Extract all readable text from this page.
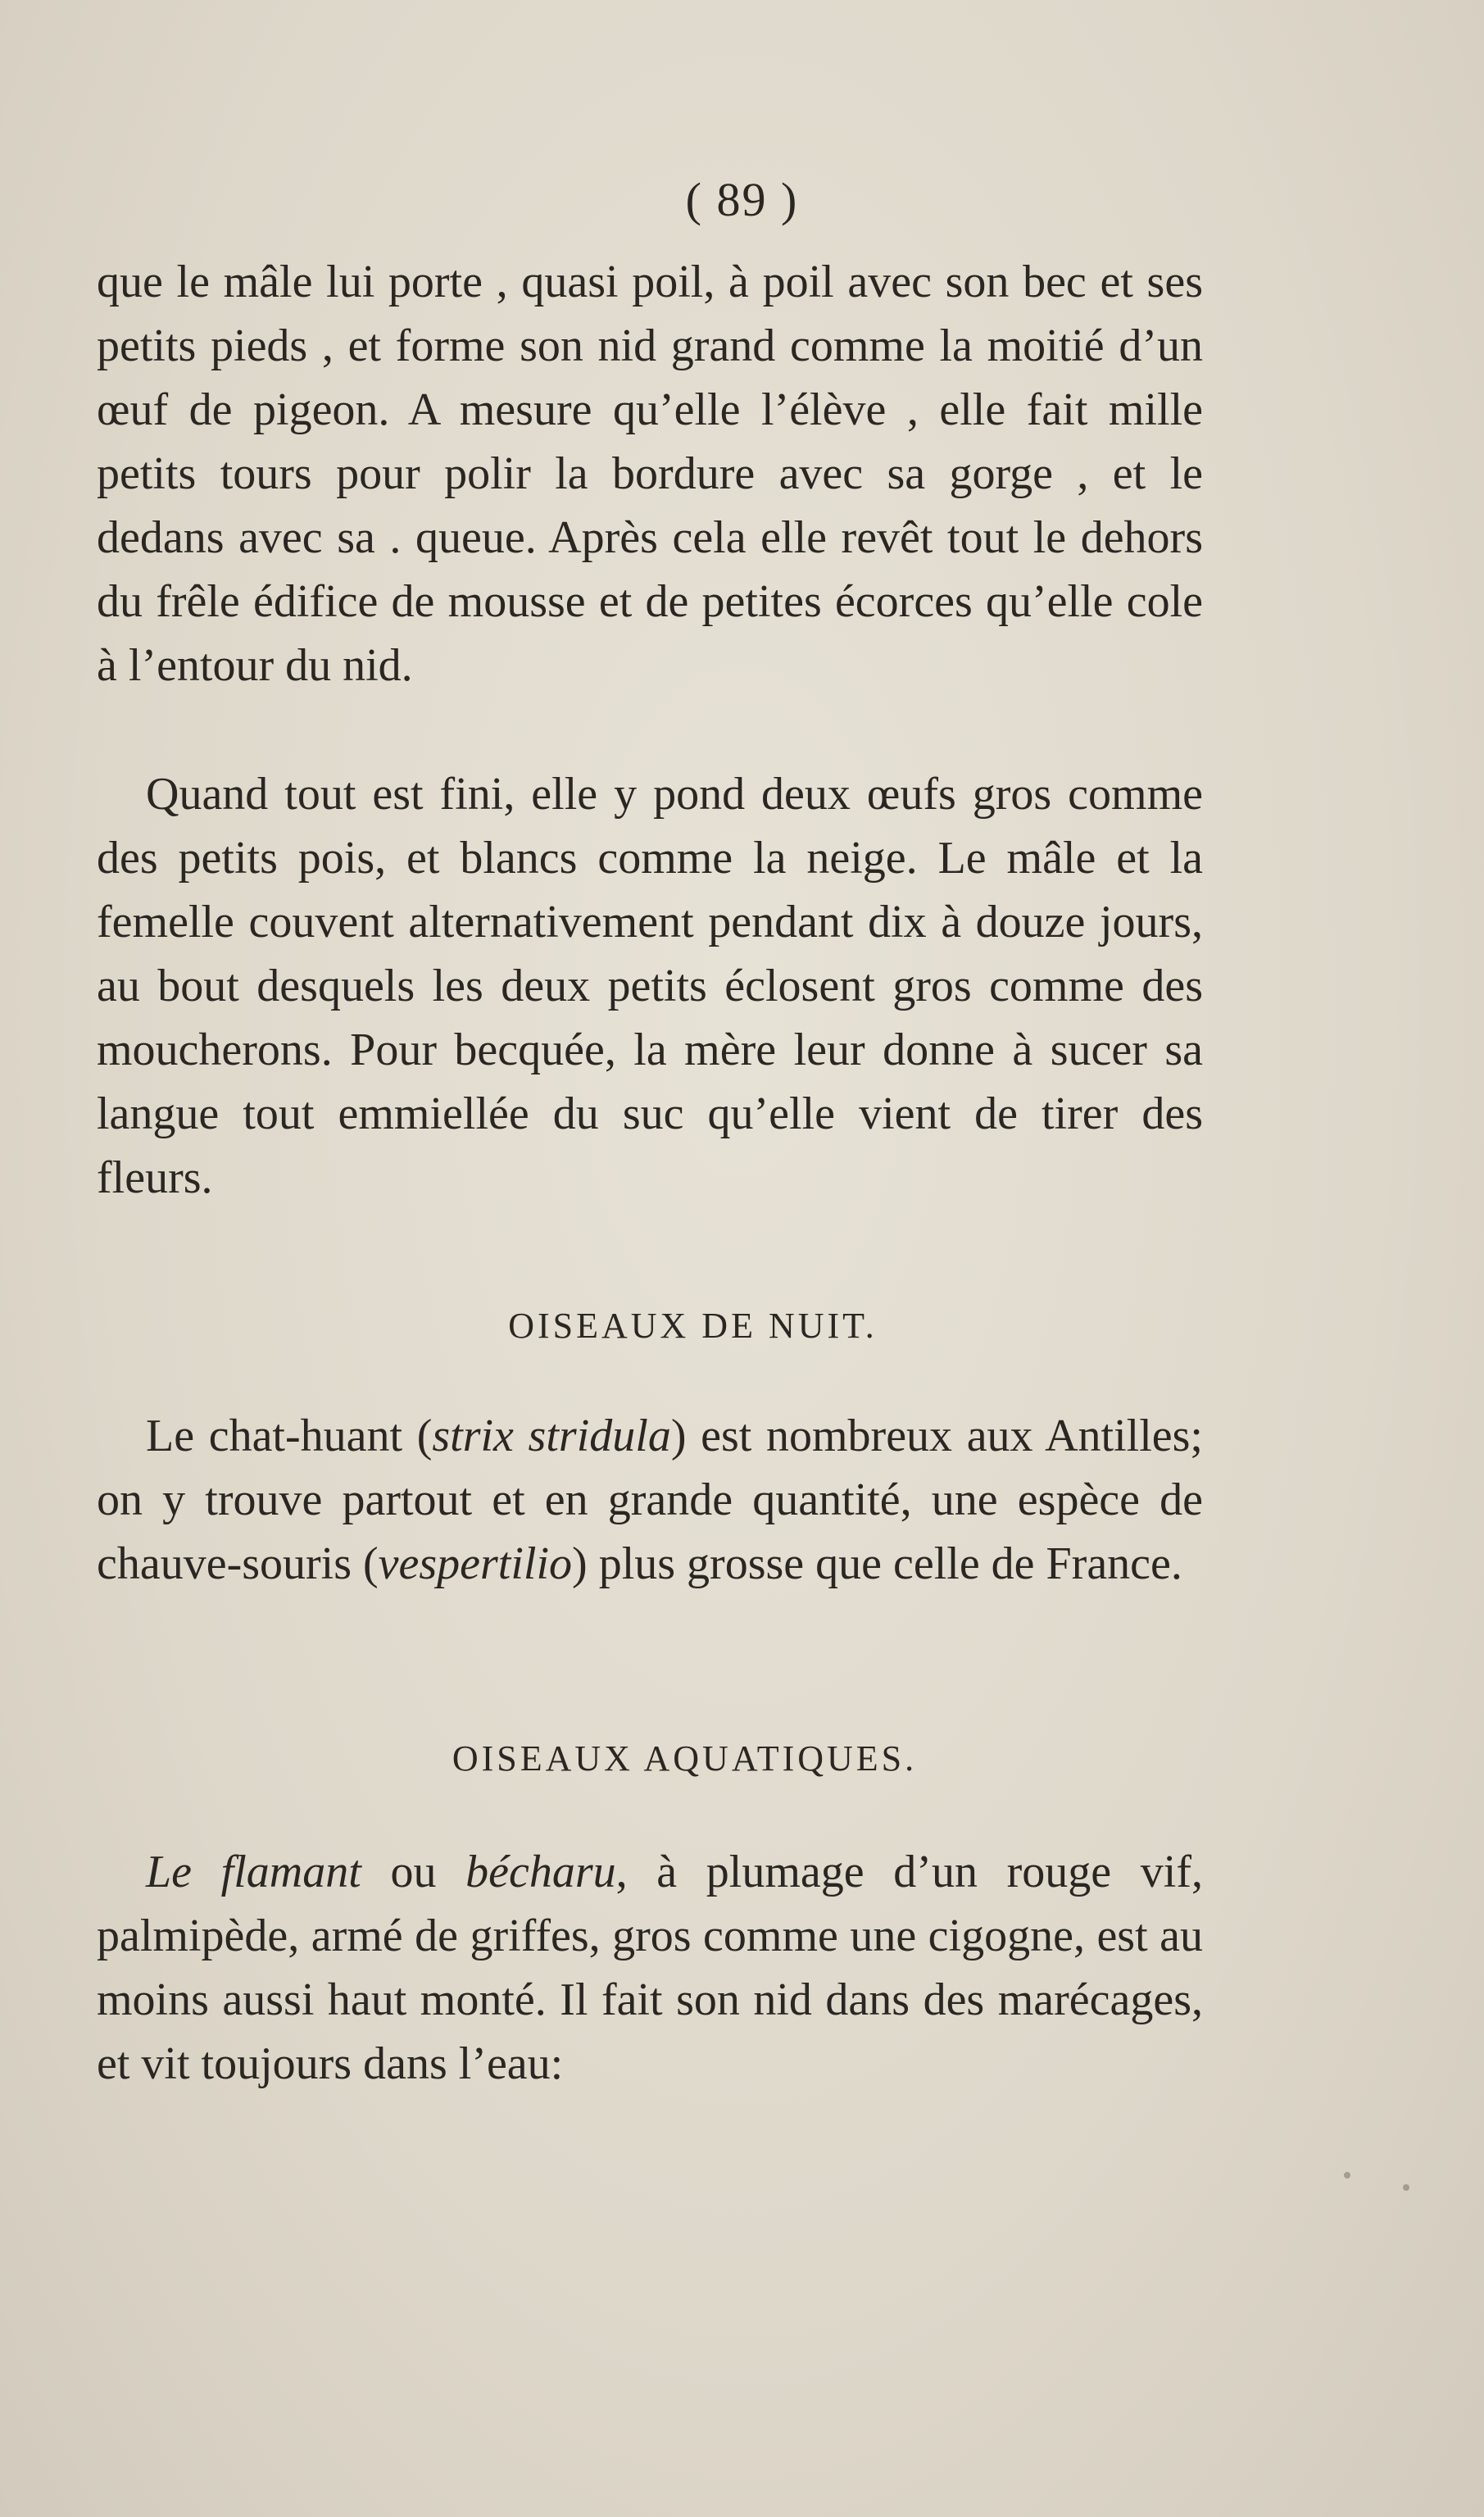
( 89 )

que le mâle lui porte , quasi poil, à poil avec son bec et ses petits pieds , et forme son nid grand comme la moitié d’un œuf de pigeon. A mesure qu’elle l’élève , elle fait mille petits tours pour polir la bordure avec sa gorge , et le dedans avec sa . queue. Après cela elle revêt tout le dehors du frêle édifice de mousse et de petites écorces qu’elle cole à l’entour du nid.

Quand tout est fini, elle y pond deux œufs gros comme des petits pois, et blancs comme la neige. Le mâle et la femelle couvent alternativement pendant dix à douze jours, au bout desquels les deux petits éclosent gros comme des moucherons. Pour becquée, la mère leur donne à sucer sa langue tout emmiellée du suc qu’elle vient de tirer des fleurs.

OISEAUX DE NUIT.

Le chat-huant (strix stridula) est nombreux aux Antilles; on y trouve partout et en grande quantité, une espèce de chauve-souris (vespertilio) plus grosse que celle de France.

OISEAUX AQUATIQUES.

Le flamant ou bécharu, à plumage d’un rouge vif, palmipède, armé de griffes, gros comme une cigogne, est au moins aussi haut monté. Il fait son nid dans des marécages, et vit toujours dans l’eau:
